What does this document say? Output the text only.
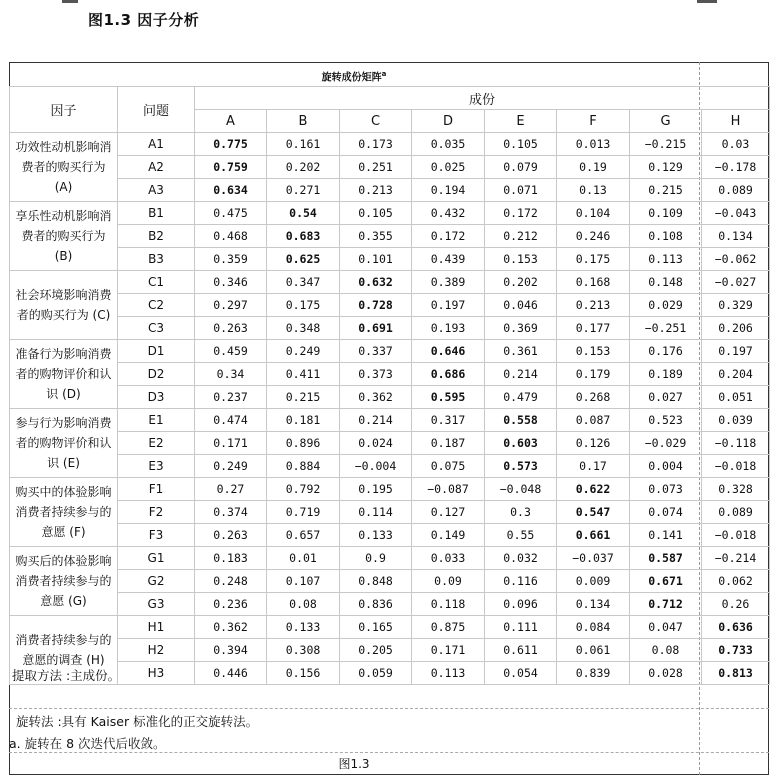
图1.3 因子分析
旋转成份矩阵$^a$
因子	问题	成份							
		A	B	C	D	E	F	G	H
功效性动机影响消费者的购买行为 (A)	A1	0.775	0.161	0.173	0.035	0.105	0.013	−0.215	0.03
	A2	0.759	0.202	0.251	0.025	0.079	0.19	0.129	−0.178
	A3	0.634	0.271	0.213	0.194	0.071	0.13	0.215	0.089
享乐性动机影响消费者的购买行为 (B)	B1	0.475	0.54	0.105	0.432	0.172	0.104	0.109	−0.043
	B2	0.468	0.683	0.355	0.172	0.212	0.246	0.108	0.134
	B3	0.359	0.625	0.101	0.439	0.153	0.175	0.113	−0.062
社会环境影响消费者的购买行为 (C)	C1	0.346	0.347	0.632	0.389	0.202	0.168	0.148	−0.027
	C2	0.297	0.175	0.728	0.197	0.046	0.213	0.029	0.329
	C3	0.263	0.348	0.691	0.193	0.369	0.177	−0.251	0.206
准备行为影响消费者的购物评价和认识 (D)	D1	0.459	0.249	0.337	0.646	0.361	0.153	0.176	0.197
	D2	0.34	0.411	0.373	0.686	0.214	0.179	0.189	0.204
	D3	0.237	0.215	0.362	0.595	0.479	0.268	0.027	0.051
参与行为影响消费者的购物评价和认识 (E)	E1	0.474	0.181	0.214	0.317	0.558	0.087	0.523	0.039
	E2	0.171	0.896	0.024	0.187	0.603	0.126	−0.029	−0.118
	E3	0.249	0.884	−0.004	0.075	0.573	0.17	0.004	−0.018
购买中的体验影响消费者持续参与的意愿 (F)	F1	0.27	0.792	0.195	−0.087	−0.048	0.622	0.073	0.328
	F2	0.374	0.719	0.114	0.127	0.3	0.547	0.074	0.089
	F3	0.263	0.657	0.133	0.149	0.55	0.661	0.141	−0.018
购买后的体验影响消费者持续参与的意愿 (G)	G1	0.183	0.01	0.9	0.033	0.032	−0.037	0.587	−0.214
	G2	0.248	0.107	0.848	0.09	0.116	0.009	0.671	0.062
	G3	0.236	0.08	0.836	0.118	0.096	0.134	0.712	0.26
消费者持续参与的意愿的调查 (H)	H1	0.362	0.133	0.165	0.875	0.111	0.084	0.047	0.636
	H2	0.394	0.308	0.205	0.171	0.611	0.061	0.08	0.733
	H3	0.446	0.156	0.059	0.113	0.054	0.839	0.028	0.813
提取方法 :主成份。
旋转法 :具有 Kaiser 标准化的正交旋转法。
a. 旋转在 8 次迭代后收敛。
图1.3
